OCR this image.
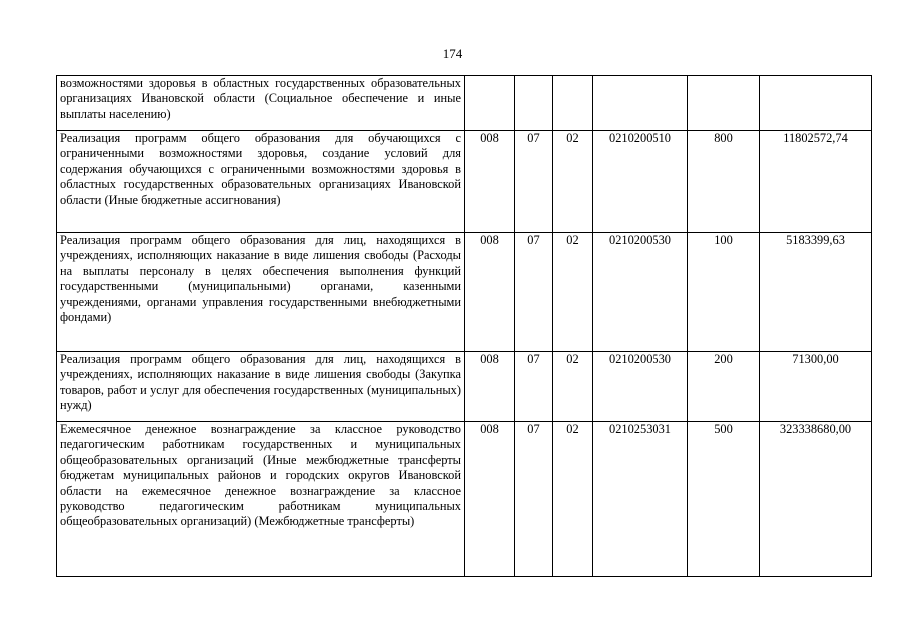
174
возможностями здоровья в областных государственных образовательных организациях Ивановской области (Социальное обеспечение и иные выплаты населению)						
Реализация программ общего образования для обучающихся с ограниченными возможностями здоровья, создание условий для содержания обучающихся с ограниченными возможностями здоровья в областных государственных образовательных организациях Ивановской области (Иные бюджетные ассигнования)	008	07	02	0210200510	800	11802572,74
Реализация программ общего образования для лиц, находящихся в учреждениях, исполняющих наказание в виде лишения свободы (Расходы на выплаты персоналу в целях обеспечения выполнения функций государственными (муниципальными) органами, казенными учреждениями, органами управления государственными внебюджетными фондами)	008	07	02	0210200530	100	5183399,63
Реализация программ общего образования для лиц, находящихся в учреждениях, исполняющих наказание в виде лишения свободы (Закупка товаров, работ и услуг для обеспечения государственных (муниципальных) нужд)	008	07	02	0210200530	200	71300,00
Ежемесячное денежное вознаграждение за классное руководство педагогическим работникам государственных и муниципальных общеобразовательных организаций (Иные межбюджетные трансферты бюджетам муниципальных районов и городских округов Ивановской области на ежемесячное денежное вознаграждение за классное руководство педагогическим работникам муниципальных общеобразовательных организаций) (Межбюджетные трансферты)	008	07	02	0210253031	500	323338680,00
